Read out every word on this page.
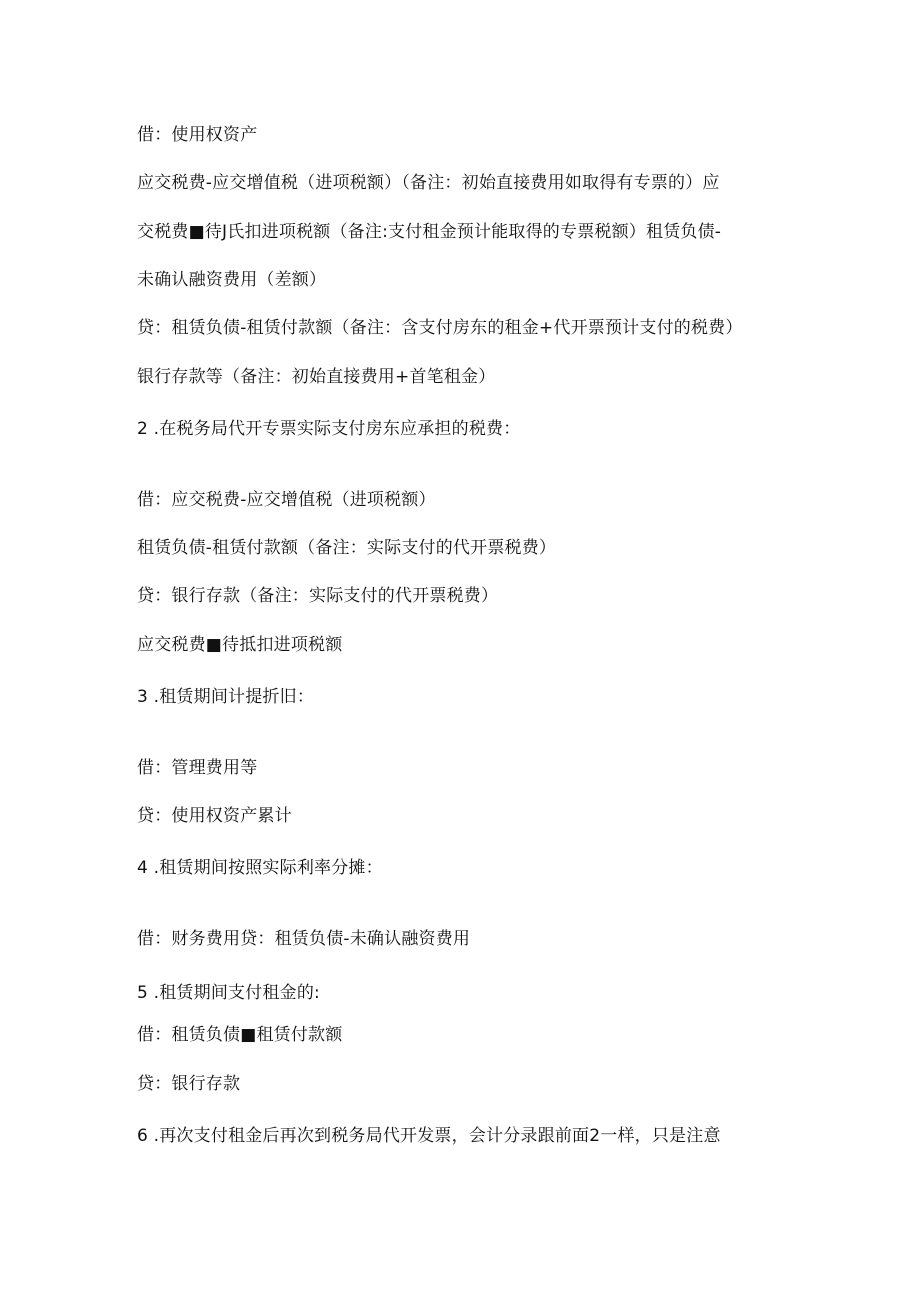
借：使用权资产
应交税费-应交增值税（进项税额）（备注：初始直接费用如取得有专票的）应
交税费■待J氏扣进项税额（备注:支付租金预计能取得的专票税额）租赁负债-
未确认融资费用（差额）
贷：租赁负债-租赁付款额（备注：含支付房东的租金+代开票预计支付的税费）
银行存款等（备注：初始直接费用+首笔租金）
2 .在税务局代开专票实际支付房东应承担的税费：
借：应交税费-应交增值税（进项税额）
租赁负债-租赁付款额（备注：实际支付的代开票税费）
贷：银行存款（备注：实际支付的代开票税费）
应交税费■待抵扣进项税额
3 .租赁期间计提折旧：
借：管理费用等
贷：使用权资产累计
4 .租赁期间按照实际利率分摊：
借：财务费用贷：租赁负债-未确认融资费用
5 .租赁期间支付租金的:
借：租赁负债■租赁付款额
贷：银行存款
6 .再次支付租金后再次到税务局代开发票，会计分录跟前面2一样，只是注意
